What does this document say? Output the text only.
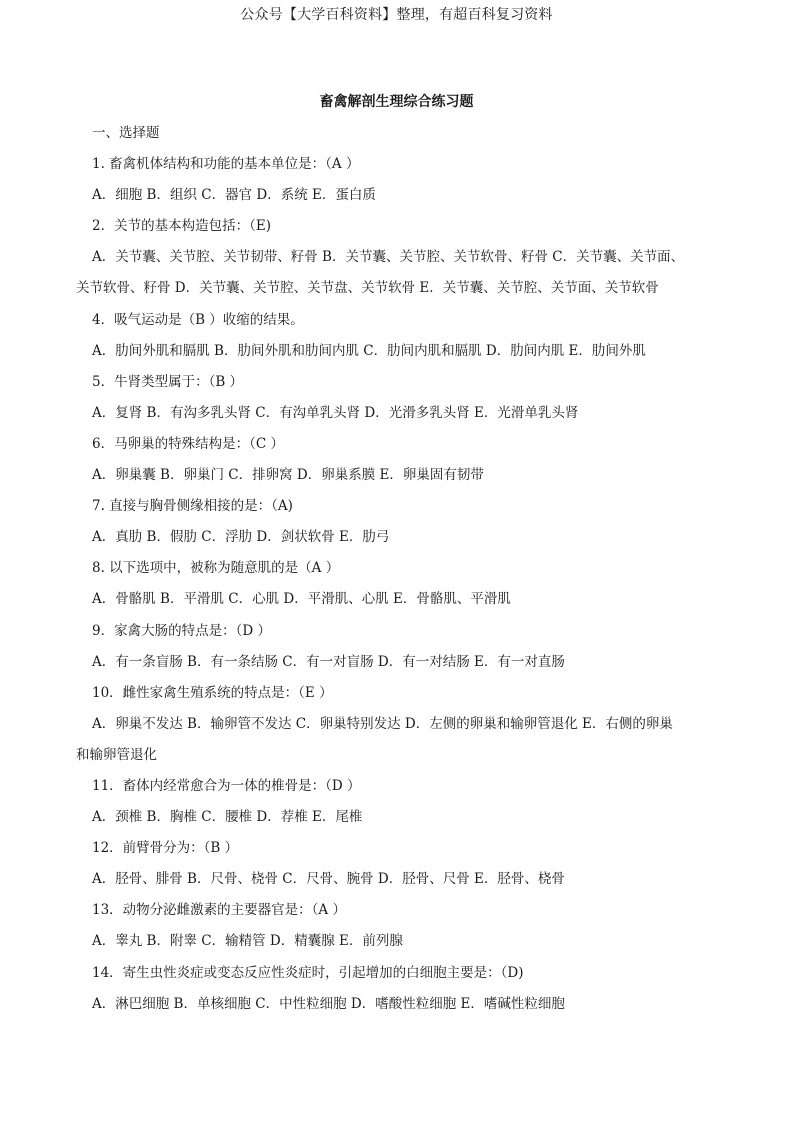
公众号【大学百科资料】整理，有超百科复习资料
畜禽解剖生理综合练习题
一、选择题
1. 畜禽机体结构和功能的基本单位是：（A ）
A．细胞 B．组织 C．器官 D．系统 E．蛋白质
2．关节的基本构造包括：（E)
A．关节囊、关节腔、关节韧带、籽骨 B．关节囊、关节腔、关节软骨、籽骨 C．关节囊、关节面、
关节软骨、籽骨 D．关节囊、关节腔、关节盘、关节软骨 E．关节囊、关节腔、关节面、关节软骨
4．吸气运动是（B ）收缩的结果。
A．肋间外肌和膈肌 B．肋间外肌和肋间内肌 C．肋间内肌和膈肌 D．肋间内肌 E．肋间外肌
5．牛肾类型属于：（B ）
A．复肾 B．有沟多乳头肾 C．有沟单乳头肾 D．光滑多乳头肾 E．光滑单乳头肾
6．马卵巢的特殊结构是：（C ）
A．卵巢囊 B．卵巢门 C．排卵窝 D．卵巢系膜 E．卵巢固有韧带
7. 直接与胸骨侧缘相接的是：（A)
A．真肋 B．假肋 C．浮肋 D．剑状软骨 E．肋弓
8. 以下选项中，被称为随意肌的是（A ）
A．骨骼肌 B．平滑肌 C．心肌 D．平滑肌、心肌 E．骨骼肌、平滑肌
9．家禽大肠的特点是：（D ）
A．有一条盲肠 B．有一条结肠 C．有一对盲肠 D．有一对结肠 E．有一对直肠
10．雌性家禽生殖系统的特点是：（E ）
A．卵巢不发达 B．输卵管不发达 C．卵巢特别发达 D．左侧的卵巢和输卵管退化 E．右侧的卵巢
和输卵管退化
11．畜体内经常愈合为一体的椎骨是：（D ）
A．颈椎 B．胸椎 C．腰椎 D．荐椎 E．尾椎
12．前臂骨分为：（B ）
A．胫骨、腓骨 B．尺骨、桡骨 C．尺骨、腕骨 D．胫骨、尺骨 E．胫骨、桡骨
13．动物分泌雌激素的主要器官是：（A ）
A．睾丸 B．附睾 C．输精管 D．精囊腺 E．前列腺
14．寄生虫性炎症或变态反应性炎症时，引起增加的白细胞主要是：（D)
A．淋巴细胞 B．单核细胞 C．中性粒细胞 D．嗜酸性粒细胞 E．嗜碱性粒细胞
